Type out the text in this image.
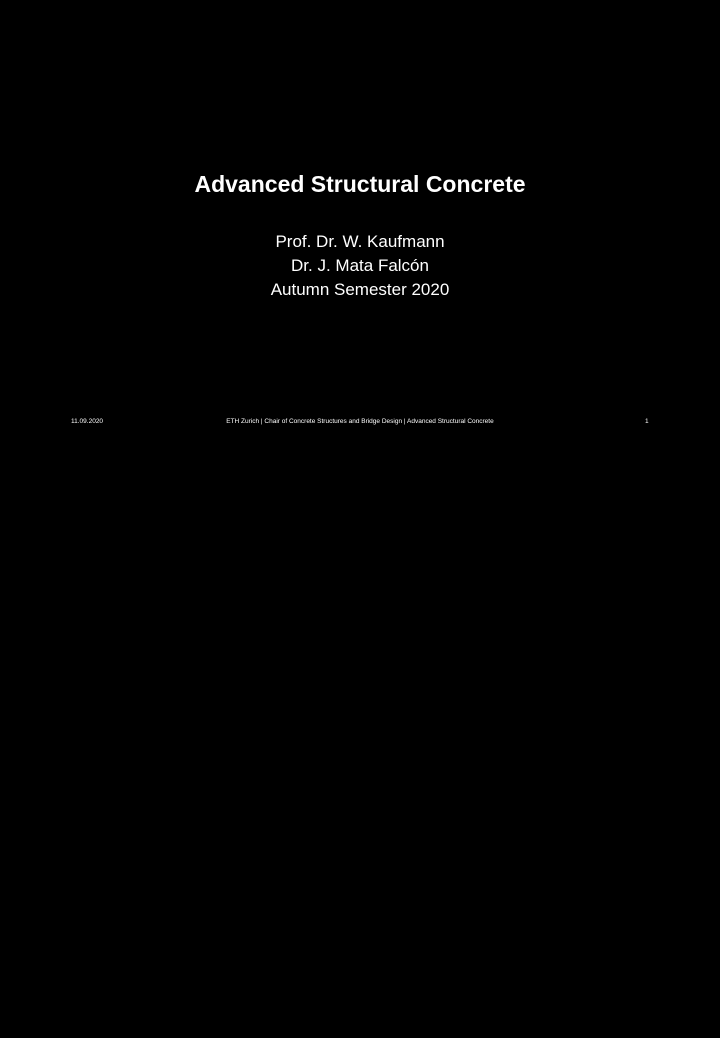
Advanced Structural Concrete
Prof. Dr. W. Kaufmann
Dr. J. Mata Falcón
Autumn Semester 2020
11.09.2020	ETH Zurich | Chair of Concrete Structures and Bridge Design | Advanced Structural Concrete	1
